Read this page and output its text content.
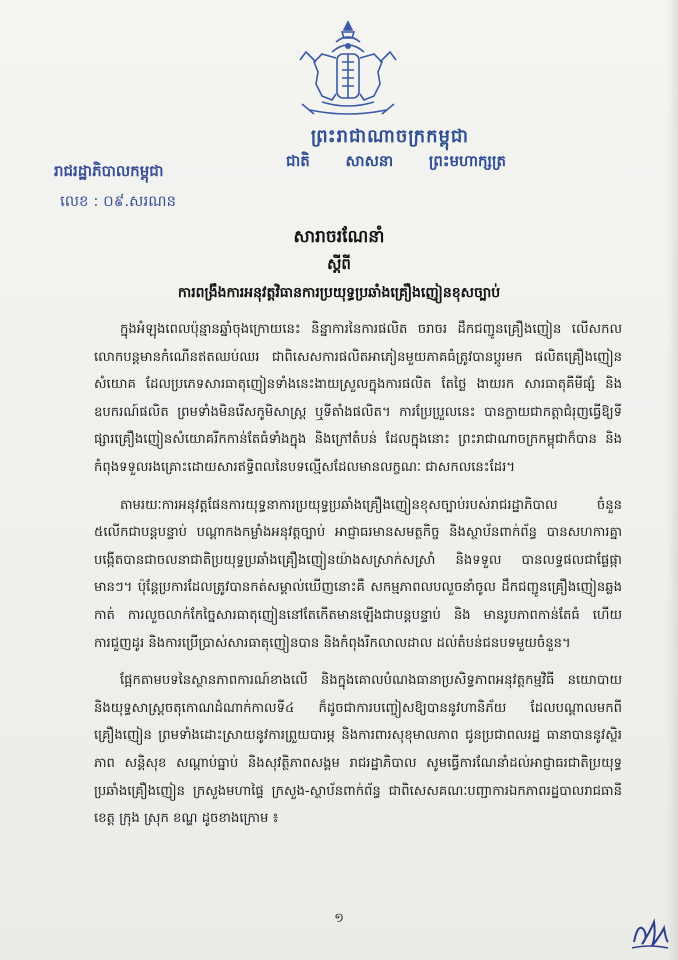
ព្រះរាជាណាចក្រកម្ពុជា
ជាតិ សាសនា ព្រះមហាក្សត្រ
រាជរដ្ឋាភិបាលកម្ពុជា
លេខ : ០៩.សរណន
សារាចរណែនាំ
ស្តីពី
ការពង្រឹងការអនុវត្តវិធានការប្រយុទ្ធប្រឆាំងគ្រឿងញៀនខុសច្បាប់

ក្នុងអំឡុងពេលប៉ុន្មានឆ្នាំចុងក្រោយនេះ និន្នាការនៃការផលិត ចរាចរ ដឹកជញ្ជូនគ្រឿងញៀន លើសកលលោកបន្តមានកំណើនឥតឈប់ឈរ ជាពិសេសការផលិតអាភៀនមួយភាគធំត្រូវបានប្តូរមក ផលិតគ្រឿងញៀនសំយោគ ដែលប្រភេទសារធាតុញៀនទាំងនេះងាយស្រួលក្នុងការផលិត តែថ្លៃ ងាយរក សារធាតុគីមីផ្សំ និងឧបករណ៍ផលិត ព្រមទាំងមិនរើសកូមិសាស្ត្រ ឬទីតាំងផលិត។ ការប្រែប្រួលនេះ បានក្លាយជាកត្តាជំរុញធ្វើឱ្យទីផ្សារគ្រឿងញៀនសំយោគរីកកាន់តែធំទាំងក្នុង និងក្រៅតំបន់ ដែលក្នុងនោះ ព្រះរាជាណាចក្រកម្ពុជាក៏បាន និងកំពុងទទួលរងគ្រោះដោយសារឥទ្ធិពលនៃបទល្មើសដែលមានលក្ខណៈ ជាសកលនេះដែរ។

តាមរយៈការអនុវត្តផែនការយុទ្ធនាការប្រយុទ្ធប្រឆាំងគ្រឿងញៀនខុសច្បាប់របស់រាជរដ្ឋាភិបាល ចំនួន ៥លើកជាបន្តបន្ទាប់ បណ្តាកងកម្លាំងអនុវត្តច្បាប់ អាជ្ញាធរមានសមត្ថកិច្ច និងស្ថាប័នពាក់ព័ន្ធ បានសហការគ្នាបង្កើតបានជាចលនាជាតិប្រយុទ្ធប្រឆាំងគ្រឿងញៀនយ៉ាងសស្រាក់សស្រាំ និងទទួល បានលទ្ធផលជាផ្លែផ្កាមានៗ។ ប៉ុន្តែប្រការដែលត្រូវបានកត់សម្គាល់ឃើញនោះគឺ សកម្មភាពលបលួចនាំចូល ដឹកជញ្ជូនគ្រឿងញៀនឆ្លងកាត់ ការលួចលាក់កែច្នៃសារធាតុញៀននៅតែកើតមានឡើងជាបន្តបន្ទាប់ និង មានរូបភាពកាន់តែធំ ហើយការជួញដូរ និងការប្រើប្រាស់សារធាតុញៀនបាន និងកំពុងរីកលាលដាល ដល់តំបន់ជនបទមួយចំនួន។

ផ្អែកតាមបទនៃស្ថានភាពការណ៍ខាងលើ និងក្នុងគោលបំណងធានាប្រសិទ្ធភាពអនុវត្តកម្មវិធី នយោបាយ និងយុទ្ធសាស្ត្រចតុកោណដំណាក់កាលទី៤ ក៏ដូចជាការបញ្ចៀសឱ្យបាននូវហានិភ័យ ដែលបណ្តាលមកពីគ្រឿងញៀន ព្រមទាំងដោះស្រាយនូវការព្រួយបារម្ភ និងការពារសុខុមាលភាព ជូនប្រជាពលរដ្ឋ ធានាបាននូវស្ថិរភាព សន្តិសុខ សណ្តាប់ធ្នាប់ និងសុវត្ថិភាពសង្គម រាជរដ្ឋាភិបាល សូមធ្វើការណែនាំដល់អាជ្ញាធរជាតិប្រយុទ្ធប្រឆាំងគ្រឿងញៀន ក្រសួងមហាផ្ទៃ ក្រសួង-ស្ថាប័នពាក់ព័ន្ធ ជាពិសេសគណៈបញ្ជាការឯកភាពរដ្ឋបាលរាជធានី ខេត្ត ក្រុង ស្រុក ខណ្ឌ ដូចខាងក្រោម ៖

១
